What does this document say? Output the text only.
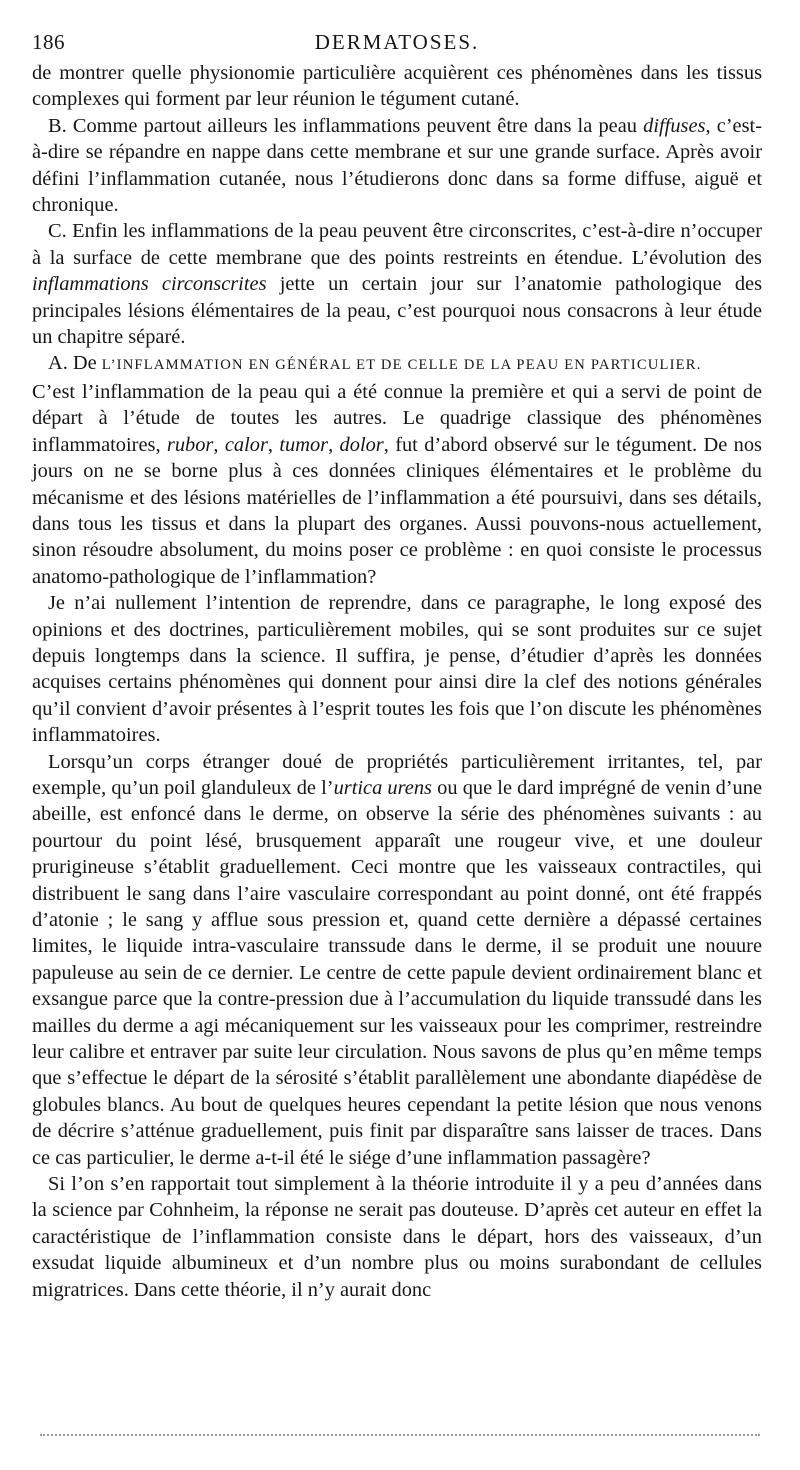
186	DERMATOSES.

de montrer quelle physionomie particulière acquièrent ces phénomènes dans les tissus complexes qui forment par leur réunion le tégument cutané.

B. Comme partout ailleurs les inflammations peuvent être dans la peau diffuses, c’est-à-dire se répandre en nappe dans cette membrane et sur une grande surface. Après avoir défini l’inflammation cutanée, nous l’étudierons donc dans sa forme diffuse, aiguë et chronique.

C. Enfin les inflammations de la peau peuvent être circonscrites, c’est-à-dire n’occuper à la surface de cette membrane que des points restreints en étendue. L’évolution des inflammations circonscrites jette un certain jour sur l’anatomie pathologique des principales lésions élémentaires de la peau, c’est pourquoi nous consacrons à leur étude un chapitre séparé.

A. De L’INFLAMMATION EN GÉNÉRAL ET DE CELLE DE LA PEAU EN PARTICULIER.

C’est l’inflammation de la peau qui a été connue la première et qui a servi de point de départ à l’étude de toutes les autres. Le quadrige classique des phénomènes inflammatoires, rubor, calor, tumor, dolor, fut d’abord observé sur le tégument. De nos jours on ne se borne plus à ces données cliniques élémentaires et le problème du mécanisme et des lésions matérielles de l’inflammation a été poursuivi, dans ses détails, dans tous les tissus et dans la plupart des organes. Aussi pouvons-nous actuellement, sinon résoudre absolument, du moins poser ce problème : en quoi consiste le processus anatomo-pathologique de l’inflammation?

Je n’ai nullement l’intention de reprendre, dans ce paragraphe, le long exposé des opinions et des doctrines, particulièrement mobiles, qui se sont produites sur ce sujet depuis longtemps dans la science. Il suffira, je pense, d’étudier d’après les données acquises certains phénomènes qui donnent pour ainsi dire la clef des notions générales qu’il convient d’avoir présentes à l’esprit toutes les fois que l’on discute les phénomènes inflammatoires.

Lorsqu’un corps étranger doué de propriétés particulièrement irritantes, tel, par exemple, qu’un poil glanduleux de l’urtica urens ou que le dard imprégné de venin d’une abeille, est enfoncé dans le derme, on observe la série des phénomènes suivants : au pourtour du point lésé, brusquement apparaît une rougeur vive, et une douleur prurigineuse s’établit graduellement. Ceci montre que les vaisseaux contractiles, qui distribuent le sang dans l’aire vasculaire correspondant au point donné, ont été frappés d’atonie ; le sang y afflue sous pression et, quand cette dernière a dépassé certaines limites, le liquide intra-vasculaire transsude dans le derme, il se produit une nouure papuleuse au sein de ce dernier. Le centre de cette papule devient ordinairement blanc et exsangue parce que la contre-pression due à l’accumulation du liquide transsudé dans les mailles du derme a agi mécaniquement sur les vaisseaux pour les comprimer, restreindre leur calibre et entraver par suite leur circulation. Nous savons de plus qu’en même temps que s’effectue le départ de la sérosité s’établit parallèlement une abondante diapédèse de globules blancs. Au bout de quelques heures cependant la petite lésion que nous venons de décrire s’atténue graduellement, puis finit par disparaître sans laisser de traces. Dans ce cas particulier, le derme a-t-il été le siége d’une inflammation passagère?

Si l’on s’en rapportait tout simplement à la théorie introduite il y a peu d’années dans la science par Cohnheim, la réponse ne serait pas douteuse. D’après cet auteur en effet la caractéristique de l’inflammation consiste dans le départ, hors des vaisseaux, d’un exsudat liquide albumineux et d’un nombre plus ou moins surabondant de cellules migratrices. Dans cette théorie, il n’y aurait donc
